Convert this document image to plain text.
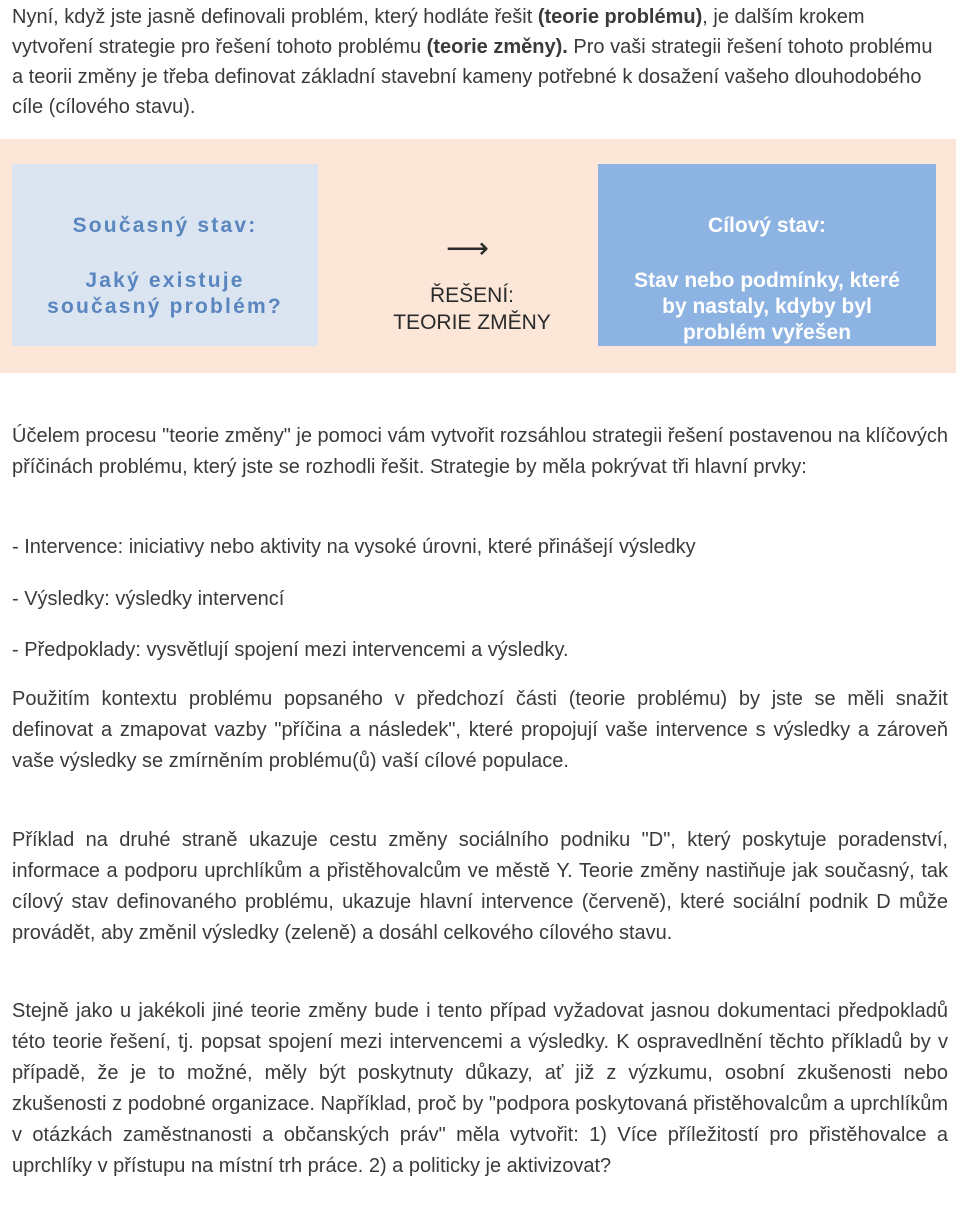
Nyní, když jste jasně definovali problém, který hodláte řešit (teorie problému), je dalším krokem vytvoření strategie pro řešení tohoto problému (teorie změny). Pro vaši strategii řešení tohoto problému a teorii změny je třeba definovat základní stavební kameny potřebné k dosažení vašeho dlouhodobého cíle (cílového stavu).

Současný stav:
Jaký existuje
současný problém?
⟶
ŘEŠENÍ:
TEORIE ZMĚNY
Cílový stav:
Stav nebo podmínky, které
by nastaly, kdyby byl
problém vyřešen

Účelem procesu "teorie změny" je pomoci vám vytvořit rozsáhlou strategii řešení postavenou na klíčových příčinách problému, který jste se rozhodli řešit. Strategie by měla pokrývat tři hlavní prvky:

- Intervence: iniciativy nebo aktivity na vysoké úrovni, které přinášejí výsledky

- Výsledky: výsledky intervencí

- Předpoklady: vysvětlují spojení mezi intervencemi a výsledky.

Použitím kontextu problému popsaného v předchozí části (teorie problému) by jste se měli snažit definovat a zmapovat vazby "příčina a následek", které propojují vaše intervence s výsledky a zároveň vaše výsledky se zmírněním problému(ů) vaší cílové populace.

Příklad na druhé straně ukazuje cestu změny sociálního podniku "D", který poskytuje poradenství, informace a podporu uprchlíkům a přistěhovalcům ve městě Y. Teorie změny nastiňuje jak současný, tak cílový stav definovaného problému, ukazuje hlavní intervence (červeně), které sociální podnik D může provádět, aby změnil výsledky (zeleně) a dosáhl celkového cílového stavu.

Stejně jako u jakékoli jiné teorie změny bude i tento případ vyžadovat jasnou dokumentaci předpokladů této teorie řešení, tj. popsat spojení mezi intervencemi a výsledky. K ospravedlnění těchto příkladů by v případě, že je to možné, měly být poskytnuty důkazy, ať již z výzkumu, osobní zkušenosti nebo zkušenosti z podobné organizace. Například, proč by "podpora poskytovaná přistěhovalcům a uprchlíkům v otázkách zaměstnanosti a občanských práv" měla vytvořit: 1) Více příležitostí pro přistěhovalce a uprchlíky v přístupu na místní trh práce. 2) a politicky je aktivizovat?
